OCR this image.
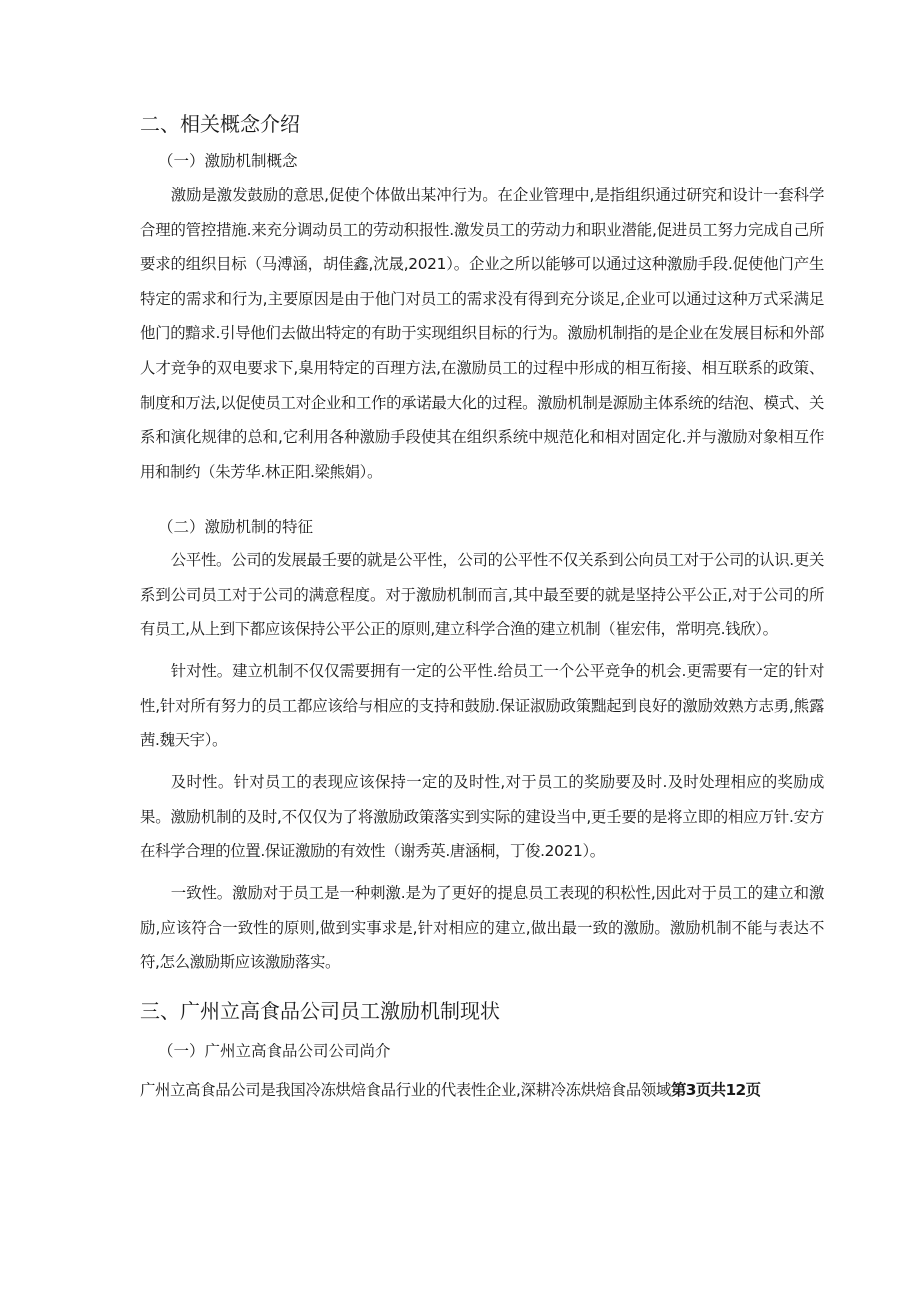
二、相关概念介绍
（一）激励机制概念
激励是激发鼓励的意思,促使个体做出某冲行为。在企业管理中,是指组织通过研究和设计一套科学合理的管控措施.来充分调动员工的劳动积报性.激发员工的劳动力和职业潜能,促进员工努力完成自己所要求的组织目标（马溥涵，胡佳鑫,沈晟,2021）。企业之所以能够可以通过这种激励手段.促使他门产生特定的需求和行为,主要原因是由于他门对员工的需求没有得到充分谈足,企业可以通过这种万式采满足他门的黯求.引导他们去做出特定的有助于实现组织目标的行为。激励机制指的是企业在发展目标和外部人才竞争的双电要求下,臬用特定的百理方法,在激励员工的过程中形成的相互衔接、相互联系的政策、制度和万法,以促使员工对企业和工作的承诺最大化的过程。激励机制是源励主体系统的结泡、模式、关系和演化规律的总和,它利用各种激励手段使其在组织系统中规范化和相对固定化.并与激励对象相互作用和制约（朱芳华.林正阳.梁熊娟）。
（二）激励机制的特征
公平性。公司的发展最壬要的就是公平性，公司的公平性不仅关系到公向员工对于公司的认识.更关系到公司员工对于公司的满意程度。对于激励机制而言,其中最至要的就是坚持公平公正,对于公司的所有员工,从上到下都应该保持公平公正的原则,建立科学合渔的建立机制（崔宏伟，常明亮.钱欣）。
针对性。建立机制不仅仅需要拥有一定的公平性.给员工一个公平竞争的机会.更需要有一定的针对性,针对所有努力的员工都应该给与相应的支持和鼓励.保证淑励政策黜起到良好的激励效熟方志勇,熊露茜.魏天宇）。
及时性。针对员工的表现应该保持一定的及时性,对于员工的奖励要及时.及时处理相应的奖励成果。激励机制的及时,不仅仅为了将激励政策落实到实际的建设当中,更壬要的是将立即的相应万针.安方在科学合理的位置.保证激励的有效性（谢秀英.唐涵桐，丁俊.2021）。
一致性。激励对于员工是一种刺激.是为了更好的提息员工表现的积松性,因此对于员工的建立和激励,应该符合一致性的原则,做到实事求是,针对相应的建立,做出最一致的激励。激励机制不能与表达不符,怎么激励斯应该激励落实。
三、广州立高食品公司员工激励机制现状
（一）广州立高食品公司公司尚介
广州立高食品公司是我国冷冻烘焙食品行业的代表性企业,深耕冷冻烘焙食品领域第3页共12页
